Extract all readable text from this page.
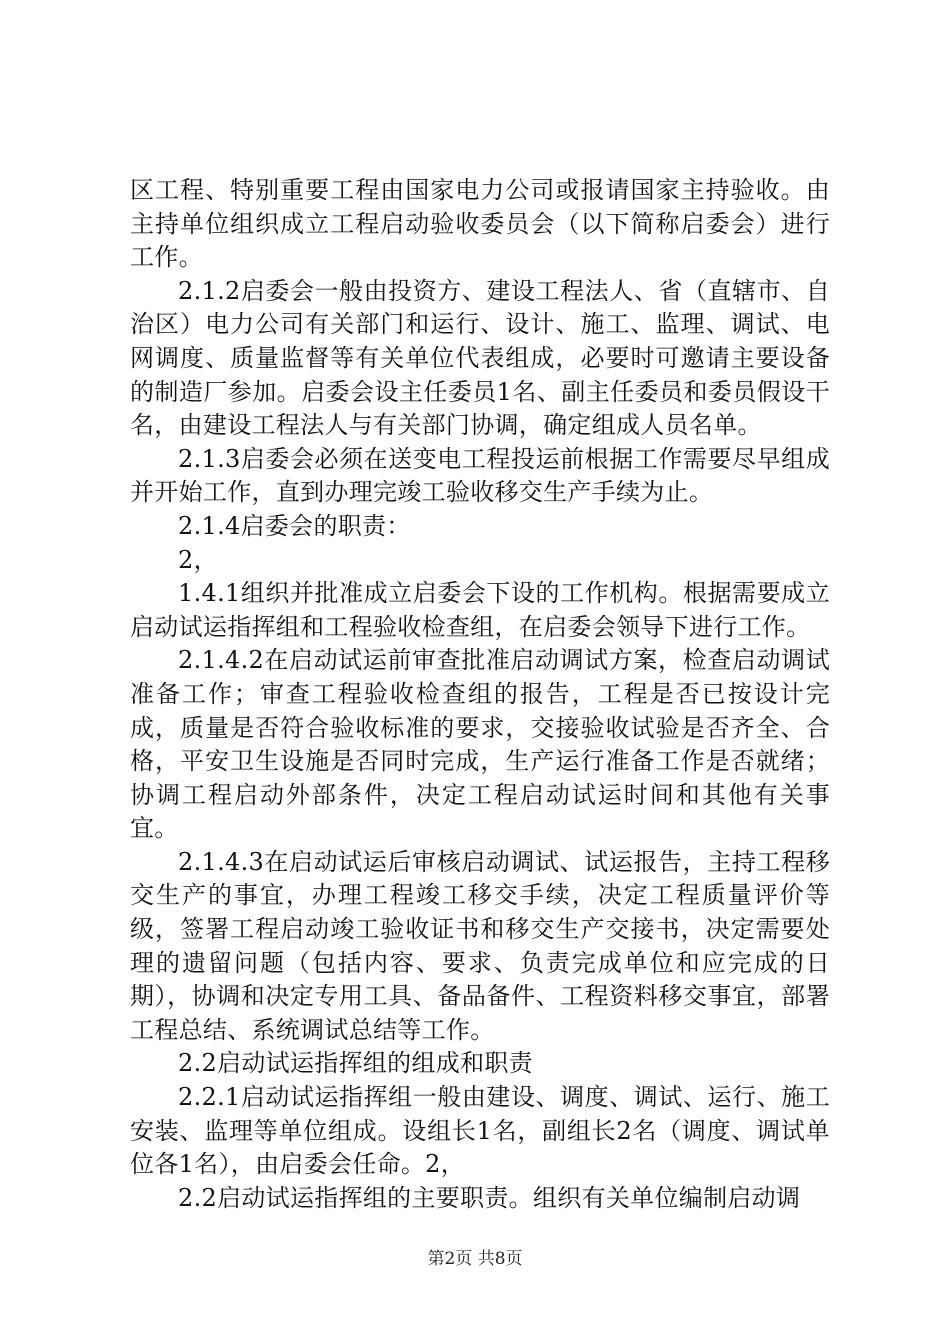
区工程、特别重要工程由国家电力公司或报请国家主持验收。由主持单位组织成立工程启动验收委员会（以下简称启委会）进行工作。

2.1.2启委会一般由投资方、建设工程法人、省（直辖市、自治区）电力公司有关部门和运行、设计、施工、监理、调试、电网调度、质量监督等有关单位代表组成，必要时可邀请主要设备的制造厂参加。启委会设主任委员1名、副主任委员和委员假设干名，由建设工程法人与有关部门协调，确定组成人员名单。

2.1.3启委会必须在送变电工程投运前根据工作需要尽早组成并开始工作，直到办理完竣工验收移交生产手续为止。

2.1.4启委会的职责：

2，

1.4.1组织并批准成立启委会下设的工作机构。根据需要成立启动试运指挥组和工程验收检查组，在启委会领导下进行工作。

2.1.4.2在启动试运前审查批准启动调试方案，检查启动调试准备工作；审查工程验收检查组的报告，工程是否已按设计完成，质量是否符合验收标准的要求，交接验收试验是否齐全、合格，平安卫生设施是否同时完成，生产运行准备工作是否就绪；协调工程启动外部条件，决定工程启动试运时间和其他有关事宜。

2.1.4.3在启动试运后审核启动调试、试运报告，主持工程移交生产的事宜，办理工程竣工移交手续，决定工程质量评价等级，签署工程启动竣工验收证书和移交生产交接书，决定需要处理的遗留问题（包括内容、要求、负责完成单位和应完成的日期），协调和决定专用工具、备品备件、工程资料移交事宜，部署工程总结、系统调试总结等工作。

2.2启动试运指挥组的组成和职责

2.2.1启动试运指挥组一般由建设、调度、调试、运行、施工安装、监理等单位组成。设组长1名，副组长2名（调度、调试单位各1名），由启委会任命。2，

2.2启动试运指挥组的主要职责。组织有关单位编制启动调

第2页 共8页
